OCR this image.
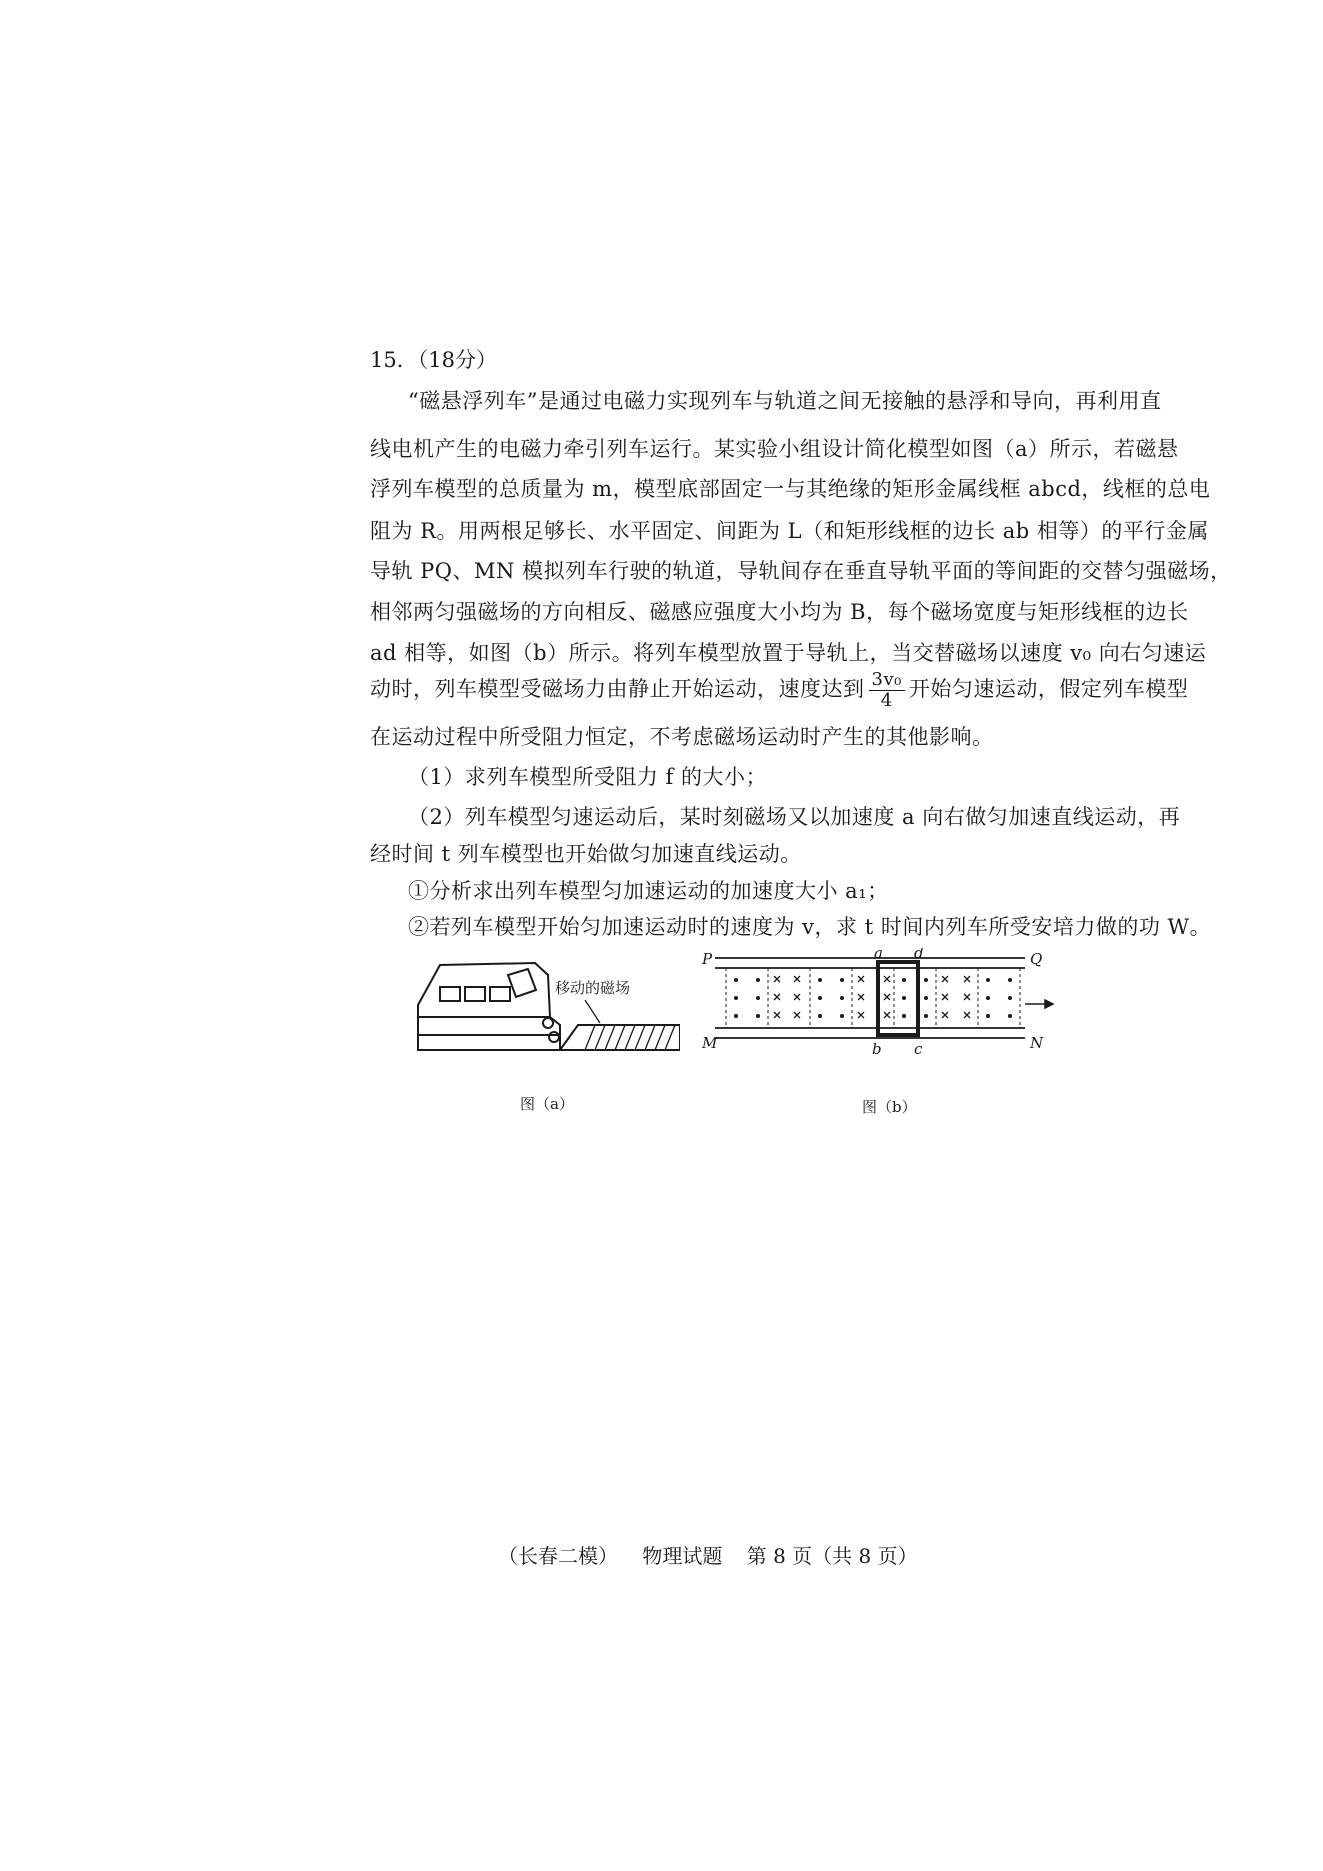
15．（18分）
“磁悬浮列车”是通过电磁力实现列车与轨道之间无接触的悬浮和导向，再利用直
线电机产生的电磁力牵引列车运行。某实验小组设计简化模型如图（a）所示，若磁悬
浮列车模型的总质量为 m，模型底部固定一与其绝缘的矩形金属线框 abcd，线框的总电
阻为 R。用两根足够长、水平固定、间距为 L（和矩形线框的边长 ab 相等）的平行金属
导轨 PQ、MN 模拟列车行驶的轨道，导轨间存在垂直导轨平面的等间距的交替匀强磁场，
相邻两匀强磁场的方向相反、磁感应强度大小均为 B，每个磁场宽度与矩形线框的边长
ad 相等，如图（b）所示。将列车模型放置于导轨上，当交替磁场以速度 v₀ 向右匀速运
动时，列车模型受磁场力由静止开始运动，速度达到 $\frac{\text{3v₀}}{4}$ 开始匀速运动，假定列车模型
在运动过程中所受阻力恒定，不考虑磁场运动时产生的其他影响。
（1）求列车模型所受阻力 f 的大小；
（2）列车模型匀速运动后，某时刻磁场又以加速度 a 向右做匀加速直线运动，再
经时间 t 列车模型也开始做匀加速直线运动。
①分析求出列车模型匀加速运动的加速度大小 a₁；
②若列车模型开始匀加速运动时的速度为 v，求 t 时间内列车所受安培力做的功 W。
移动的磁场
图（a）
P	Q
M	N
a d
b c
图（b）
（长春二模） 物理试题 第 8 页（共 8 页）
